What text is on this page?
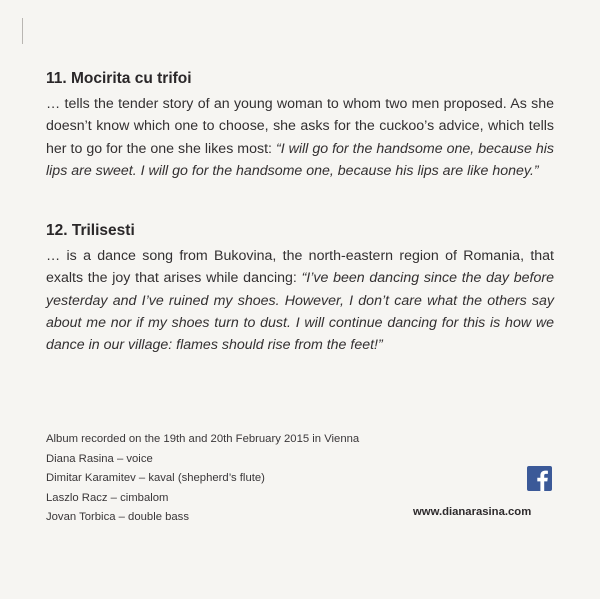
11. Mocirita cu trifoi

… tells the tender story of an young woman to whom two men proposed. As she doesn’t know which one to choose, she asks for the cuckoo’s advice, which tells her to go for the one she likes most: “I will go for the handsome one, because his lips are sweet. I will go for the handsome one, because his lips are like honey.”

12. Trilisesti

… is a dance song from Bukovina, the north-eastern region of Romania, that exalts the joy that arises while dancing: “I’ve been dancing since the day before yesterday and I’ve ruined my shoes. However, I don’t care what the others say about me nor if my shoes turn to dust. I will continue dancing for this is how we dance in our village: flames should rise from the feet!”

Album recorded on the 19th and 20th February 2015 in Vienna
Diana Rasina – voice
Dimitar Karamitev – kaval (shepherd’s flute)
Laszlo Racz – cimbalom
Jovan Torbica – double bass	www.dianarasina.com
